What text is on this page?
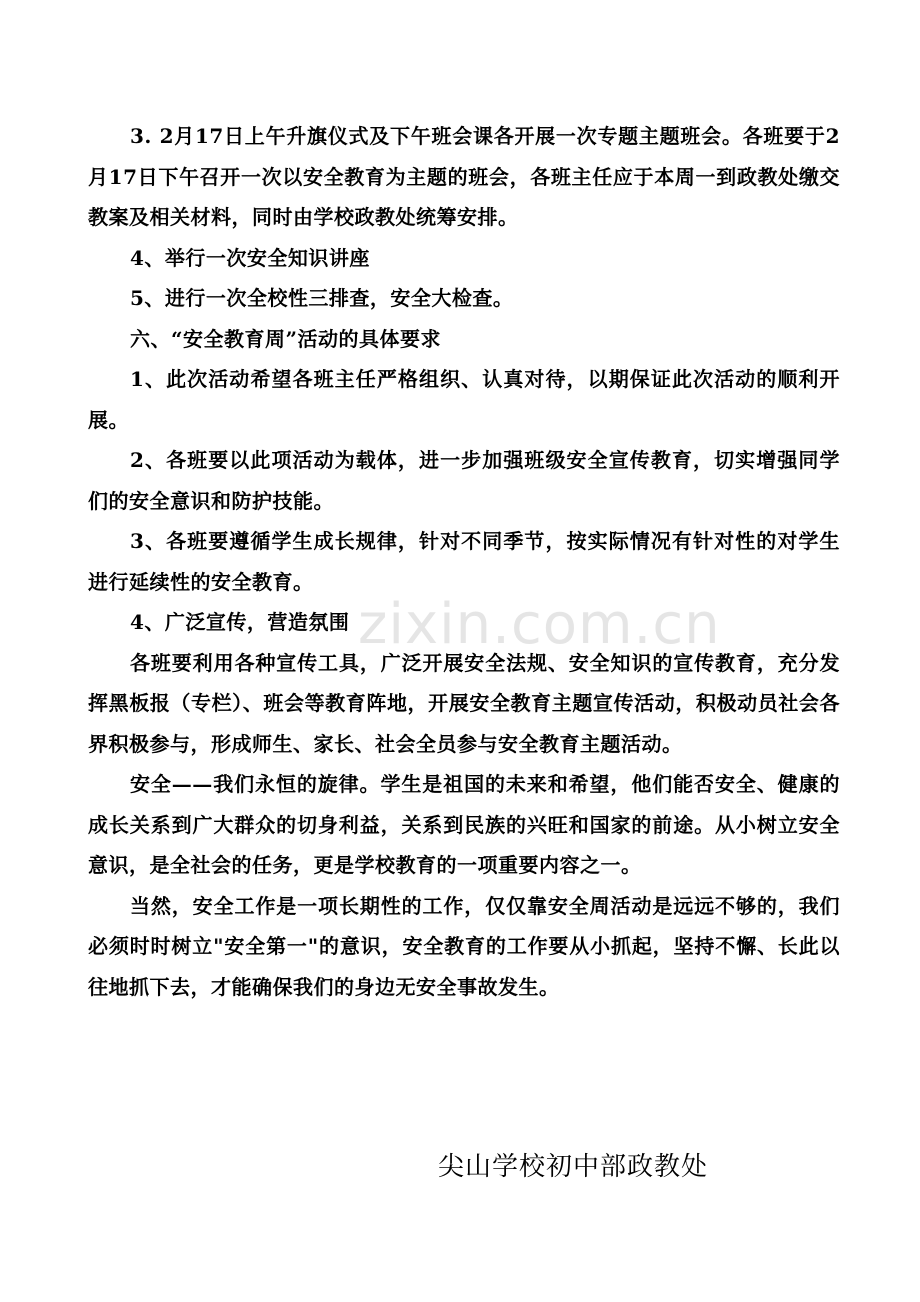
3. 2月17日上午升旗仪式及下午班会课各开展一次专题主题班会。各班要于2月17日下午召开一次以安全教育为主题的班会，各班主任应于本周一到政教处缴交教案及相关材料，同时由学校政教处统筹安排。

4、举行一次安全知识讲座

5、进行一次全校性三排查，安全大检查。

六、“安全教育周”活动的具体要求

1、此次活动希望各班主任严格组织、认真对待，以期保证此次活动的顺利开展。

2、各班要以此项活动为载体，进一步加强班级安全宣传教育，切实增强同学们的安全意识和防护技能。

3、各班要遵循学生成长规律，针对不同季节，按实际情况有针对性的对学生进行延续性的安全教育。

4、广泛宣传，营造氛围

各班要利用各种宣传工具，广泛开展安全法规、安全知识的宣传教育，充分发挥黑板报（专栏）、班会等教育阵地，开展安全教育主题宣传活动，积极动员社会各界积极参与，形成师生、家长、社会全员参与安全教育主题活动。

安全——我们永恒的旋律。学生是祖国的未来和希望，他们能否安全、健康的成长关系到广大群众的切身利益，关系到民族的兴旺和国家的前途。从小树立安全意识，是全社会的任务，更是学校教育的一项重要内容之一。

当然，安全工作是一项长期性的工作，仅仅靠安全周活动是远远不够的，我们必须时时树立"安全第一"的意识，安全教育的工作要从小抓起，坚持不懈、长此以往地抓下去，才能确保我们的身边无安全事故发生。

zixin.com.cn
尖山学校初中部政教处
